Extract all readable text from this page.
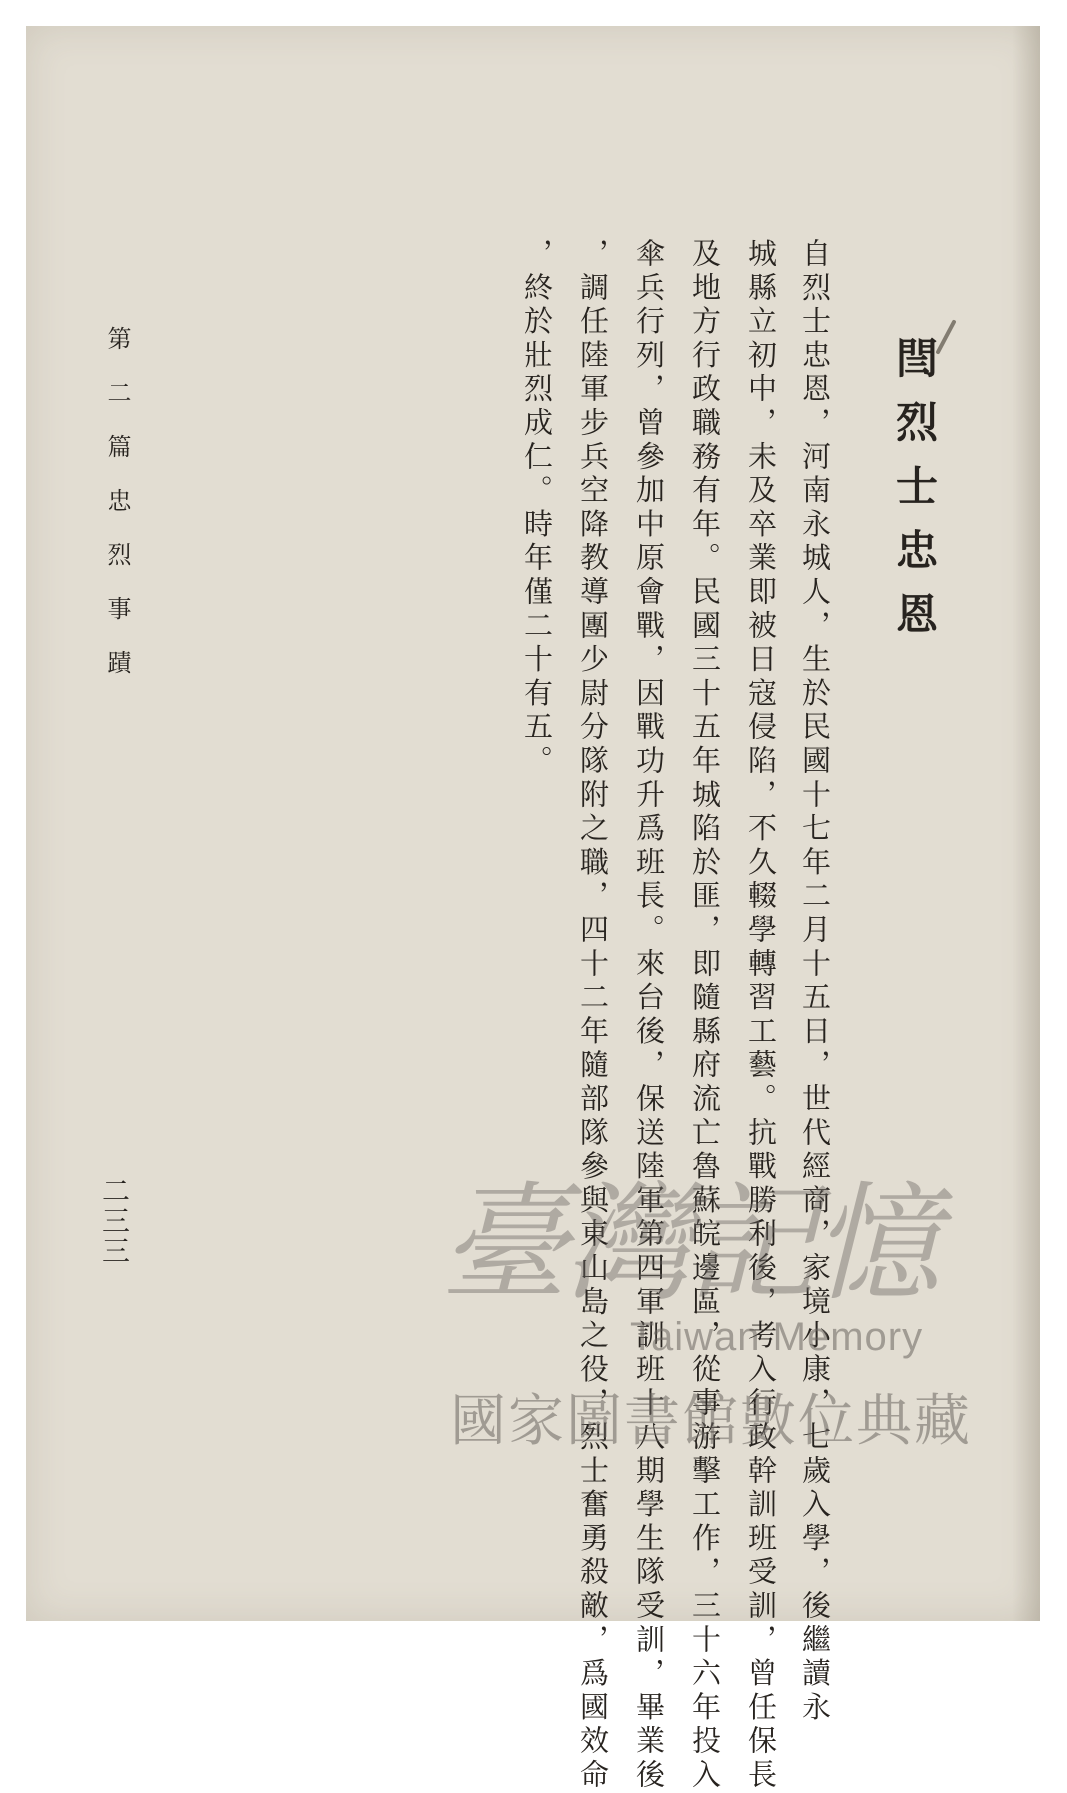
閆烈士忠恩
自烈士忠恩，河南永城人，生於民國十七年二月十五日，世代經商，家境小康，七歲入學，後繼讀永
城縣立初中，未及卒業即被日寇侵陷，不久輟學轉習工藝。抗戰勝利後，考入行政幹訓班受訓，曾任保長
及地方行政職務有年。民國三十五年城陷於匪，即隨縣府流亡魯蘇皖邊區，從事游擊工作，三十六年投入
傘兵行列，曾參加中原會戰，因戰功升爲班長。來台後，保送陸軍第四軍訓班十八期學生隊受訓，畢業後
，調任陸軍步兵空降教導團少尉分隊附之職，四十二年隨部隊參與東山島之役，烈士奮勇殺敵，爲國效命
，終於壯烈成仁。時年僅二十有五。
第二篇忠烈事蹟
二三三 臺灣記憶
Taiwan Memory
國家圖書館數位典藏
